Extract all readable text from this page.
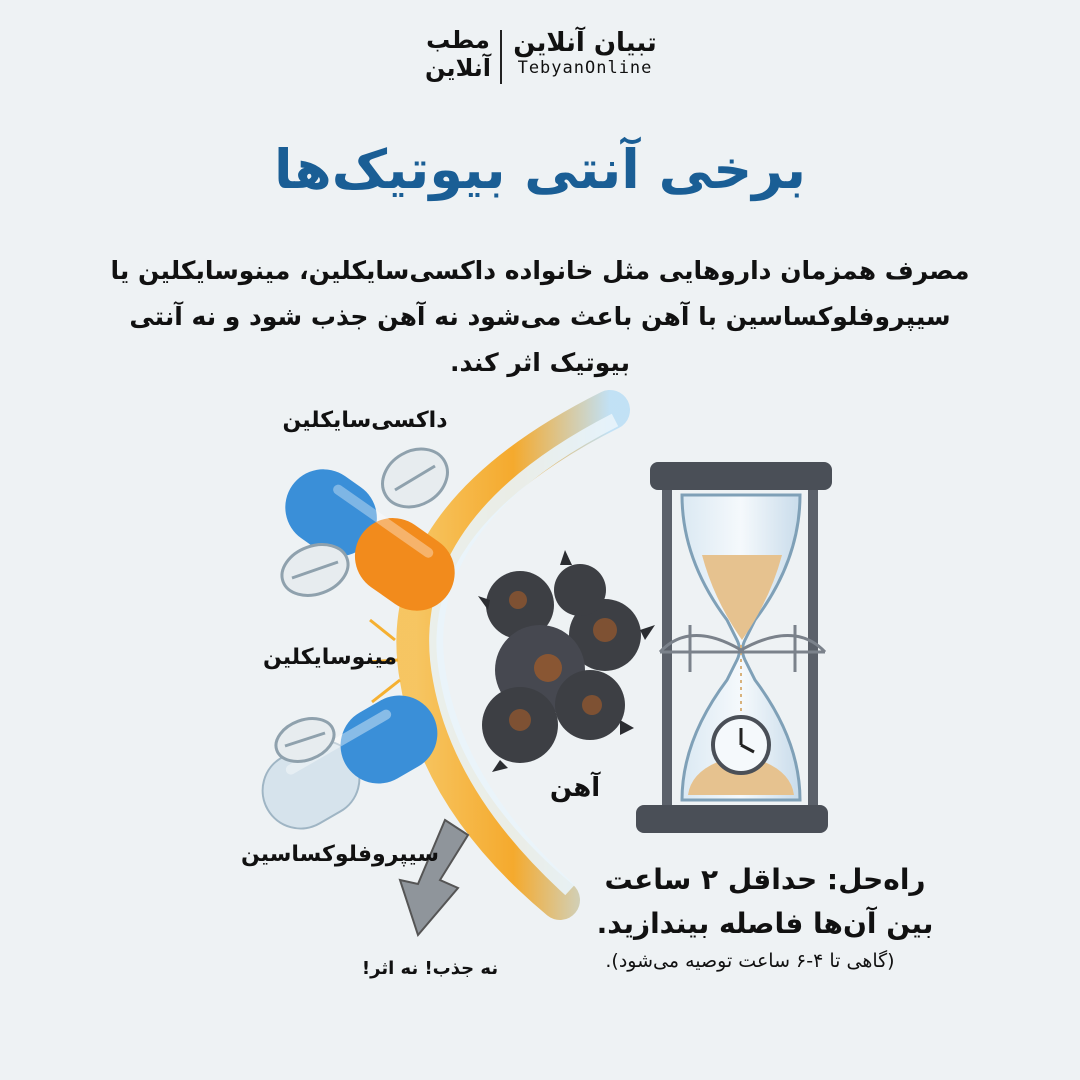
تبیان آنلاین
TebyanOnline
مطب
آنلاین
برخی آنتی بیوتیک‌ها
مصرف همزمان داروهایی مثل خانواده داکسی‌سایکلین، مینوسایکلین یا سیپروفلوکساسین با آهن باعث می‌شود نه آهن جذب شود و نه آنتی بیوتیک اثر کند.
داکسی‌سایکلین
مینوسایکلین
سیپروفلوکساسین
آهن
نه جذب! نه اثر!
راه‌حل: حداقل ۲ ساعت
بین آن‌ها فاصله بیندازید.
(گاهی تا ۴-۶ ساعت توصیه می‌شود).
